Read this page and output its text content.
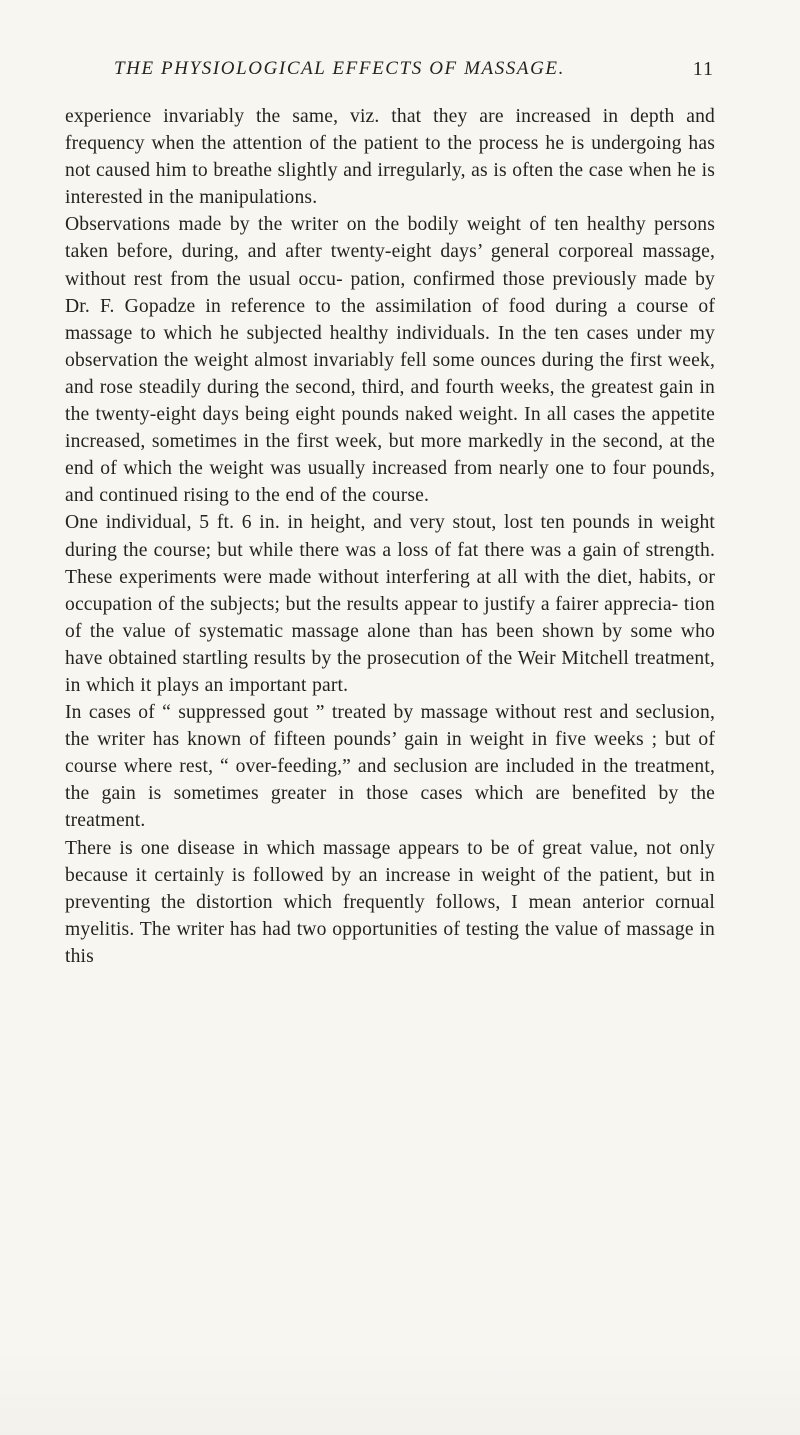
THE PHYSIOLOGICAL EFFECTS OF MASSAGE.	11

experience invariably the same, viz. that they are increased in depth and frequency when the attention of the patient to the process he is undergoing has not caused him to breathe slightly and irregularly, as is often the case when he is interested in the manipulations.

Observations made by the writer on the bodily weight of ten healthy persons taken before, during, and after twenty-eight days’ general corporeal massage, without rest from the usual occu- pation, confirmed those previously made by Dr. F. Gopadze in reference to the assimilation of food during a course of massage to which he subjected healthy individuals. In the ten cases under my observation the weight almost invariably fell some ounces during the first week, and rose steadily during the second, third, and fourth weeks, the greatest gain in the twenty-eight days being eight pounds naked weight. In all cases the appetite increased, sometimes in the first week, but more markedly in the second, at the end of which the weight was usually increased from nearly one to four pounds, and continued rising to the end of the course.

One individual, 5 ft. 6 in. in height, and very stout, lost ten pounds in weight during the course; but while there was a loss of fat there was a gain of strength. These experiments were made without interfering at all with the diet, habits, or occupation of the subjects; but the results appear to justify a fairer apprecia- tion of the value of systematic massage alone than has been shown by some who have obtained startling results by the prosecution of the Weir Mitchell treatment, in which it plays an important part.

In cases of “ suppressed gout ” treated by massage without rest and seclusion, the writer has known of fifteen pounds’ gain in weight in five weeks ; but of course where rest, “ over-feeding,” and seclusion are included in the treatment, the gain is sometimes greater in those cases which are benefited by the treatment.

There is one disease in which massage appears to be of great value, not only because it certainly is followed by an increase in weight of the patient, but in preventing the distortion which frequently follows, I mean anterior cornual myelitis. The writer has had two opportunities of testing the value of massage in this
